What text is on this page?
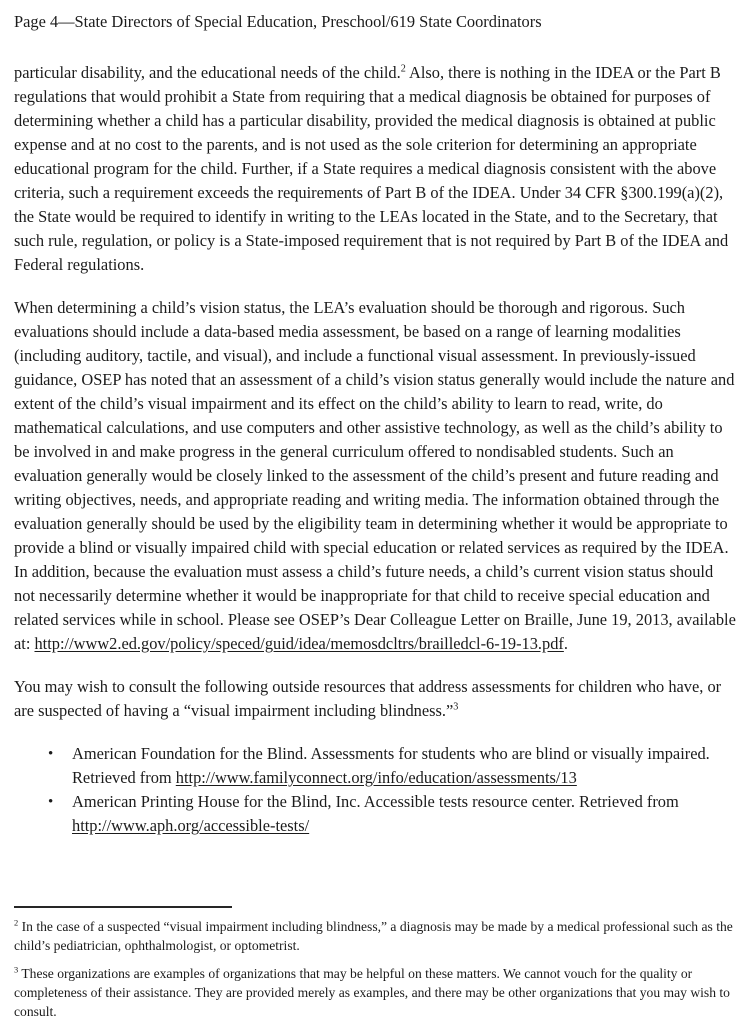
Page 4—State Directors of Special Education, Preschool/619 State Coordinators

particular disability, and the educational needs of the child.$^2$ Also, there is nothing in the IDEA or the Part B regulations that would prohibit a State from requiring that a medical diagnosis be obtained for purposes of determining whether a child has a particular disability, provided the medical diagnosis is obtained at public expense and at no cost to the parents, and is not used as the sole criterion for determining an appropriate educational program for the child. Further, if a State requires a medical diagnosis consistent with the above criteria, such a requirement exceeds the requirements of Part B of the IDEA. Under 34 CFR §300.199(a)(2), the State would be required to identify in writing to the LEAs located in the State, and to the Secretary, that such rule, regulation, or policy is a State-imposed requirement that is not required by Part B of the IDEA and Federal regulations.

When determining a child’s vision status, the LEA’s evaluation should be thorough and rigorous. Such evaluations should include a data-based media assessment, be based on a range of learning modalities (including auditory, tactile, and visual), and include a functional visual assessment. In previously-issued guidance, OSEP has noted that an assessment of a child’s vision status generally would include the nature and extent of the child’s visual impairment and its effect on the child’s ability to learn to read, write, do mathematical calculations, and use computers and other assistive technology, as well as the child’s ability to be involved in and make progress in the general curriculum offered to nondisabled students. Such an evaluation generally would be closely linked to the assessment of the child’s present and future reading and writing objectives, needs, and appropriate reading and writing media. The information obtained through the evaluation generally should be used by the eligibility team in determining whether it would be appropriate to provide a blind or visually impaired child with special education or related services as required by the IDEA. In addition, because the evaluation must assess a child’s future needs, a child’s current vision status should not necessarily determine whether it would be inappropriate for that child to receive special education and related services while in school. Please see OSEP’s Dear Colleague Letter on Braille, June 19, 2013, available at: http://www2.ed.gov/policy/speced/guid/idea/memosdcltrs/brailledcl-6-19-13.pdf.

You may wish to consult the following outside resources that address assessments for children who have, or are suspected of having a “visual impairment including blindness.”$^3$

•	American Foundation for the Blind. Assessments for students who are blind or visually impaired. Retrieved from http://www.familyconnect.org/info/education/assessments/13
•	American Printing House for the Blind, Inc. Accessible tests resource center. Retrieved from http://www.aph.org/accessible-tests/

$^2$ In the case of a suspected “visual impairment including blindness,” a diagnosis may be made by a medical professional such as the child’s pediatrician, ophthalmologist, or optometrist.

$^3$ These organizations are examples of organizations that may be helpful on these matters. We cannot vouch for the quality or completeness of their assistance. They are provided merely as examples, and there may be other organizations that you may wish to consult.
